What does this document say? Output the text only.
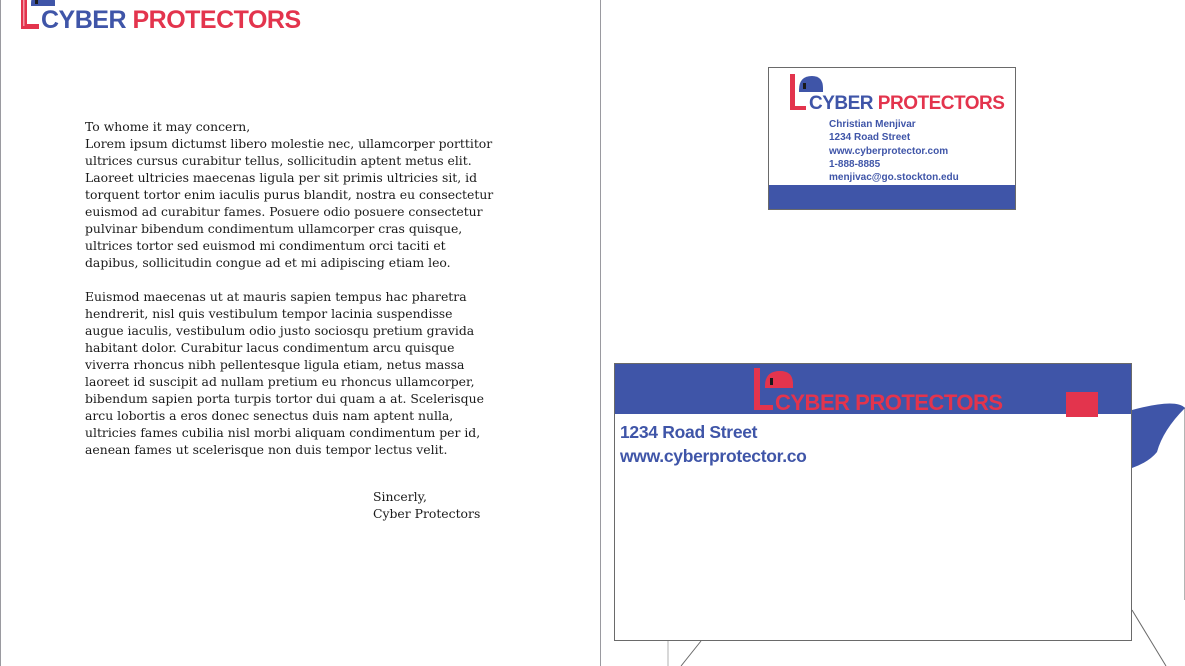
CYBER PROTECTORS

To whome it may concern,

Lorem ipsum dictumst libero molestie nec, ullamcorper porttitor ultrices cursus curabitur tellus, sollicitudin aptent metus elit. Laoreet ultricies maecenas ligula per sit primis ultricies sit, id torquent tortor enim iaculis purus blandit, nostra eu consectetur euismod ad curabitur fames. Posuere odio posuere consectetur pulvinar bibendum condimentum ullamcorper cras quisque, ultrices tortor sed euismod mi condimentum orci taciti et dapibus, sollicitudin congue ad et mi adipiscing etiam leo.

Euismod maecenas ut at mauris sapien tempus hac pharetra hendrerit, nisl quis vestibulum tempor lacinia suspendisse augue iaculis, vestibulum odio justo sociosqu pretium gravida habitant dolor. Curabitur lacus condimentum arcu quisque viverra rhoncus nibh pellentesque ligula etiam, netus massa laoreet id suscipit ad nullam pretium eu rhoncus ullamcorper, bibendum sapien porta turpis tortor dui quam a at. Scelerisque arcu lobortis a eros donec senectus duis nam aptent nulla, ultricies fames cubilia nisl morbi aliquam condimentum per id, aenean fames ut scelerisque non duis tempor lectus velit.

Sincerly,
Cyber Protectors
CYBER PROTECTORS
Christian Menjivar
1234 Road Street
www.cyberprotector.com
1-888-8885
menjivac@go.stockton.edu
CYBER PROTECTORS
1234 Road Street
www.cyberprotector.co
